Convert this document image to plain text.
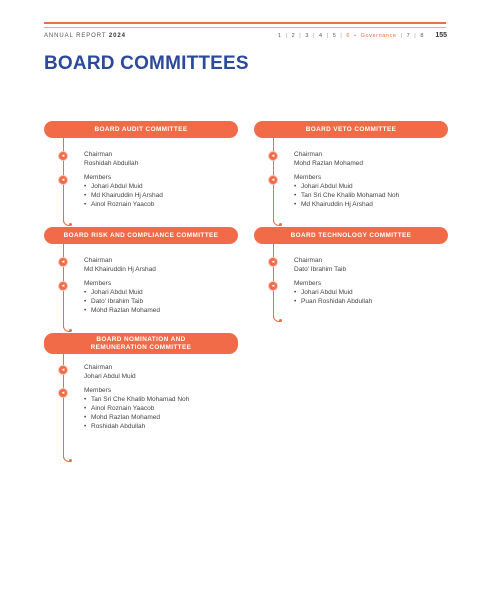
ANNUAL REPORT 2024	1 | 2 | 3 | 4 | 5 | 6 • Governance | 7 | 8 155
BOARD COMMITTEES
BOARD AUDIT COMMITTEE
◂	Chairman
Roshidah Abdullah
◂	Members
• Johari Abdul Muid
• Md Khairuddin Hj Arshad
• Ainol Roznain Yaacob
BOARD VETO COMMITTEE
◂	Chairman
Mohd Razlan Mohamed
◂	Members
• Johari Abdul Muid
• Tan Sri Che Khalib Mohamad Noh
• Md Khairuddin Hj Arshad
BOARD RISK AND COMPLIANCE COMMITTEE
◂	Chairman
Md Khairuddin Hj Arshad
◂	Members
• Johari Abdul Muid
• Dato' Ibrahim Taib
• Mohd Razlan Mohamed
BOARD TECHNOLOGY COMMITTEE
◂	Chairman
Dato' Ibrahim Taib
◂	Members
• Johari Abdul Muid
• Puan Roshidah Abdullah
BOARD NOMINATION AND
REMUNERATION COMMITTEE
◂	Chairman
Johari Abdul Muid
◂	Members
• Tan Sri Che Khalib Mohamad Noh
• Ainol Roznain Yaacob
• Mohd Razlan Mohamed
• Roshidah Abdullah
